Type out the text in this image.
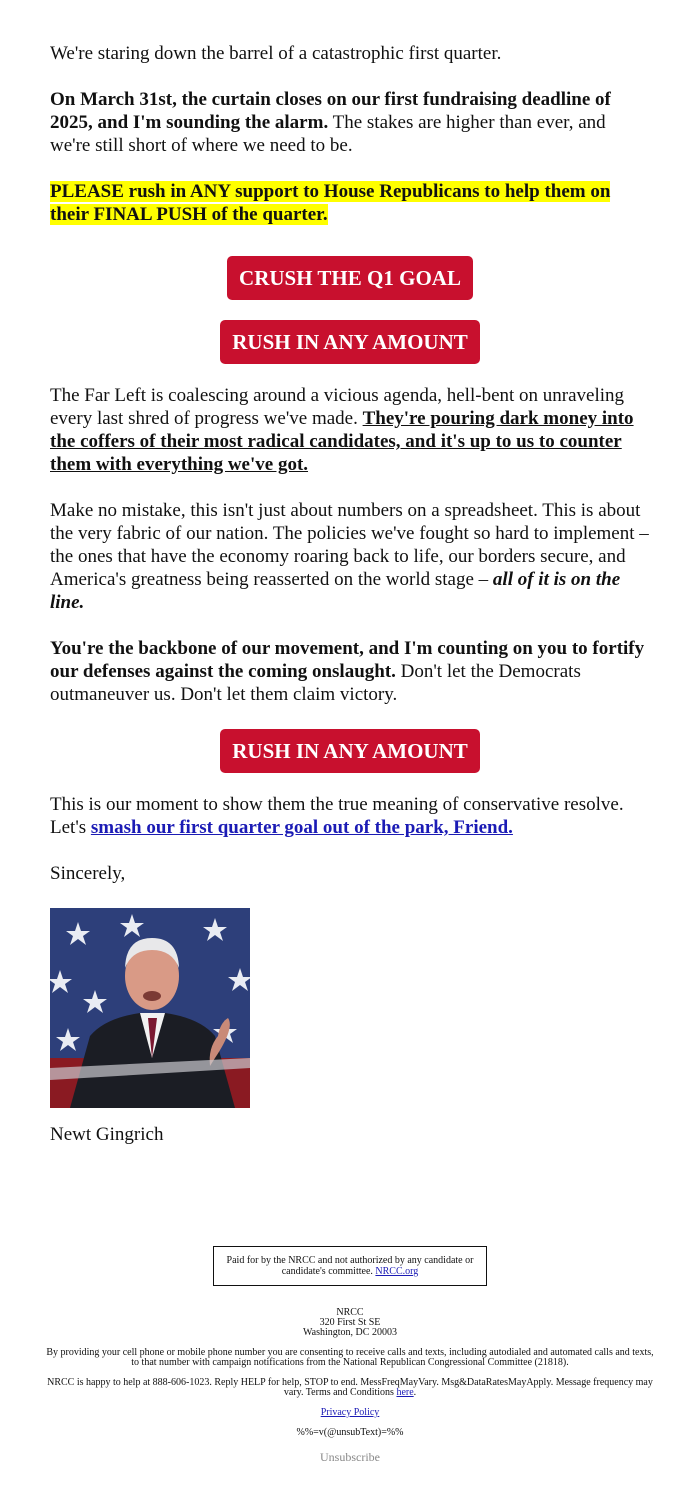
We're staring down the barrel of a catastrophic first quarter.

On March 31st, the curtain closes on our first fundraising deadline of 2025, and I'm sounding the alarm. The stakes are higher than ever, and we're still short of where we need to be.

PLEASE rush in ANY support to House Republicans to help them on their FINAL PUSH of the quarter.

CRUSH THE Q1 GOAL
RUSH IN ANY AMOUNT

The Far Left is coalescing around a vicious agenda, hell-bent on unraveling every last shred of progress we've made. They're pouring dark money into the coffers of their most radical candidates, and it's up to us to counter them with everything we've got.

Make no mistake, this isn't just about numbers on a spreadsheet. This is about the very fabric of our nation. The policies we've fought so hard to implement – the ones that have the economy roaring back to life, our borders secure, and America's greatness being reasserted on the world stage – all of it is on the line.

You're the backbone of our movement, and I'm counting on you to fortify our defenses against the coming onslaught. Don't let the Democrats outmaneuver us. Don't let them claim victory.

RUSH IN ANY AMOUNT

This is our moment to show them the true meaning of conservative resolve. Let's smash our first quarter goal out of the park, Friend.

Sincerely,

Newt Gingrich

Paid for by the NRCC and not authorized by any candidate or candidate's committee. NRCC.org

NRCC
320 First St SE
Washington, DC 20003

By providing your cell phone or mobile phone number you are consenting to receive calls and texts, including autodialed and automated calls and texts, to that number with campaign notifications from the National Republican Congressional Committee (21818).

NRCC is happy to help at 888-606-1023. Reply HELP for help, STOP to end. MessFreqMayVary. Msg&DataRatesMayApply. Message frequency may vary. Terms and Conditions here.

Privacy Policy

%%=v(@unsubText)=%%

Unsubscribe
